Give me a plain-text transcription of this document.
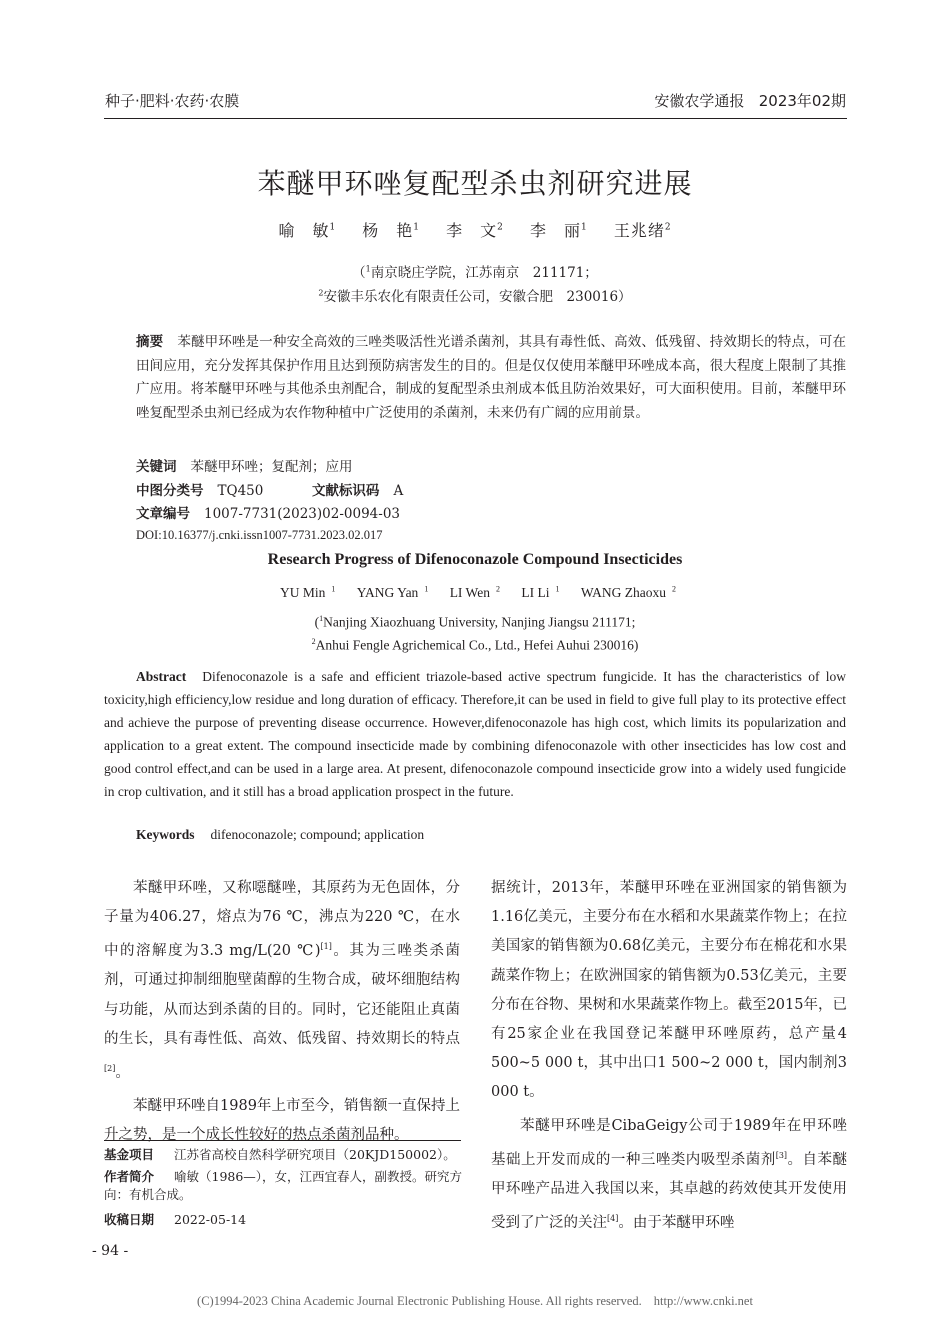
种子·肥料·农药·农膜	安徽农学通报 2023年02期
苯醚甲环唑复配型杀虫剂研究进展
喻　敏$^1$ 杨　艳$^1$ 李　文$^2$ 李　丽$^1$ 王兆绪$^2$
（$^1$南京晓庄学院，江苏南京　211171；
$^2$安徽丰乐农化有限责任公司，安徽合肥　230016）
摘要 苯醚甲环唑是一种安全高效的三唑类吸活性光谱杀菌剂，其具有毒性低、高效、低残留、持效期长的特点，可在田间应用，充分发挥其保护作用且达到预防病害发生的目的。但是仅仅使用苯醚甲环唑成本高，很大程度上限制了其推广应用。将苯醚甲环唑与其他杀虫剂配合，制成的复配型杀虫剂成本低且防治效果好，可大面积使用。目前，苯醚甲环唑复配型杀虫剂已经成为农作物种植中广泛使用的杀菌剂，未来仍有广阔的应用前景。
关键词 苯醚甲环唑；复配剂；应用
中图分类号 TQ450	文献标识码 A
文章编号 1007-7731(2023)02-0094-03
DOI:10.16377/j.cnki.issn1007-7731.2023.02.017
Research Progress of Difenoconazole Compound Insecticides
YU Min $^1$ YANG Yan $^1$ LI Wen $^2$ LI Li $^1$ WANG Zhaoxu $^2$
($^1$Nanjing Xiaozhuang University, Nanjing Jiangsu 211171;
$^2$Anhui Fengle Agrichemical Co., Ltd., Hefei Auhui 230016)
Abstract Difenoconazole is a safe and efficient triazole-based active spectrum fungicide. It has the characteristics of low toxicity,high efficiency,low residue and long duration of efficacy. Therefore,it can be used in field to give full play to its protective effect and achieve the purpose of preventing disease occurrence. However,difenoconazole has high cost, which limits its popularization and application to a great extent. The compound insecticide made by combining difenoconazole with other insecticides has low cost and good control effect,and can be used in a large area. At present, difenoconazole compound insecticide grow into a widely used fungicide in crop cultivation, and it still has a broad application prospect in the future.
Keywords difenoconazole; compound; application

苯醚甲环唑，又称噁醚唑，其原药为无色固体，分子量为406.27，熔点为76 ℃，沸点为220 ℃，在水中的溶解度为3.3 mg/L(20 ℃)[1]。其为三唑类杀菌剂，可通过抑制细胞壁菌醇的生物合成，破坏细胞结构与功能，从而达到杀菌的目的。同时，它还能阻止真菌的生长，具有毒性低、高效、低残留、持效期长的特点[2]。

苯醚甲环唑自1989年上市至今，销售额一直保持上升之势，是一个成长性较好的热点杀菌剂品种。

据统计，2013年，苯醚甲环唑在亚洲国家的销售额为1.16亿美元，主要分布在水稻和水果蔬菜作物上；在拉美国家的销售额为0.68亿美元，主要分布在棉花和水果蔬菜作物上；在欧洲国家的销售额为0.53亿美元，主要分布在谷物、果树和水果蔬菜作物上。截至2015年，已有25家企业在我国登记苯醚甲环唑原药，总产量4 500~5 000 t，其中出口1 500~2 000 t，国内制剂3 000 t。

苯醚甲环唑是CibaGeigy公司于1989年在甲环唑基础上开发而成的一种三唑类内吸型杀菌剂[3]。自苯醚甲环唑产品进入我国以来，其卓越的药效使其开发使用受到了广泛的关注[4]。由于苯醚甲环唑

基金项目 江苏省高校自然科学研究项目（20KJD150002）。
作者简介 喻敏（1986—），女，江西宜春人，副教授。研究方
向：有机合成。
收稿日期 2022-05-14
- 94 -
(C)1994-2023 China Academic Journal Electronic Publishing House. All rights reserved. http://www.cnki.net
